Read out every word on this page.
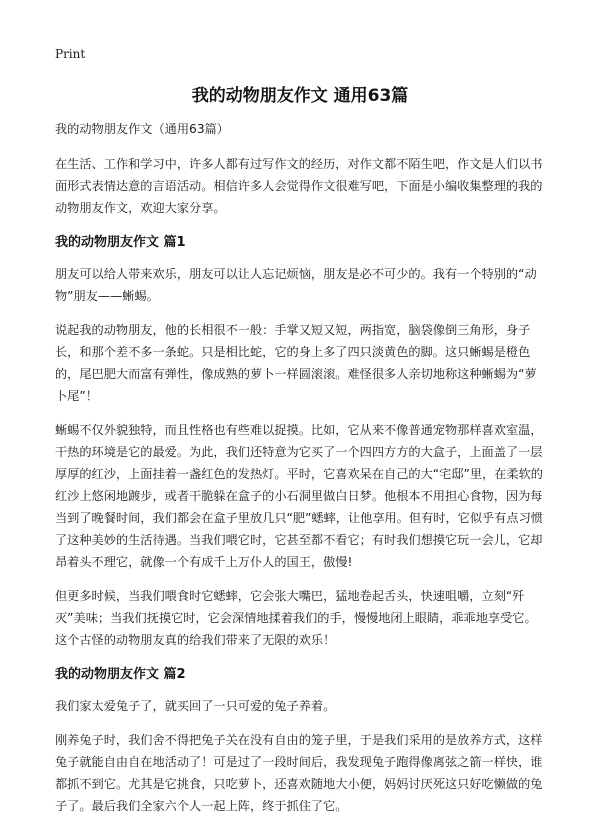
Print
我的动物朋友作文 通用63篇

我的动物朋友作文（通用63篇）

在生活、工作和学习中，许多人都有过写作文的经历，对作文都不陌生吧，作文是人们以书面形式表情达意的言语活动。相信许多人会觉得作文很难写吧，下面是小编收集整理的我的动物朋友作文，欢迎大家分享。

我的动物朋友作文 篇1

朋友可以给人带来欢乐，朋友可以让人忘记烦恼，朋友是必不可少的。我有一个特别的“动物”朋友——蜥蜴。

说起我的动物朋友，他的长相很不一般：手掌又短又短，两指宽，脑袋像倒三角形，身子长，和那个差不多一条蛇。只是相比蛇，它的身上多了四只淡黄色的脚。这只蜥蜴是橙色的，尾巴肥大而富有弹性，像成熟的萝卜一样圆滚滚。难怪很多人亲切地称这种蜥蜴为“萝卜尾”！

蜥蜴不仅外貌独特，而且性格也有些难以捉摸。比如，它从来不像普通宠物那样喜欢室温，干热的环境是它的最爱。为此，我们还特意为它买了一个四四方方的大盒子，上面盖了一层厚厚的红沙，上面挂着一盏红色的发热灯。平时，它喜欢呆在自己的大“宅邸”里，在柔软的 红沙上悠闲地踱步，或者干脆躲在盒子的小石洞里做白日梦。他根本不用担心食物，因为每当到了晚餐时间，我们都会在盒子里放几只“肥”蟋蟀，让他享用。但有时，它似乎有点习惯了这种美妙的生活待遇。当我们喂它时，它甚至都不看它；有时我们想摸它玩一会儿，它却昂着头不理它，就像一个有成千上万仆人的国王，傲慢!

但更多时候，当我们喂食时它蟋蟀，它会张大嘴巴，猛地卷起舌头，快速咀嚼，立刻“歼灭”美味；当我们抚摸它时，它会深情地揉着我们的手，慢慢地闭上眼睛，乖乖地享受它。这个古怪的动物朋友真的给我们带来了无限的欢乐！

我的动物朋友作文 篇2

我们家太爱兔子了，就买回了一只可爱的兔子养着。

刚养兔子时，我们舍不得把兔子关在没有自由的笼子里，于是我们采用的是放养方式，这样兔子就能自由自在地活动了！可是过了一段时间后，我发现兔子跑得像离弦之箭一样快，谁都抓不到它。尤其是它挑食，只吃萝卜，还喜欢随地大小便，妈妈讨厌死这只好吃懒做的兔子了。最后我们全家六个人一起上阵，终于抓住了它。
